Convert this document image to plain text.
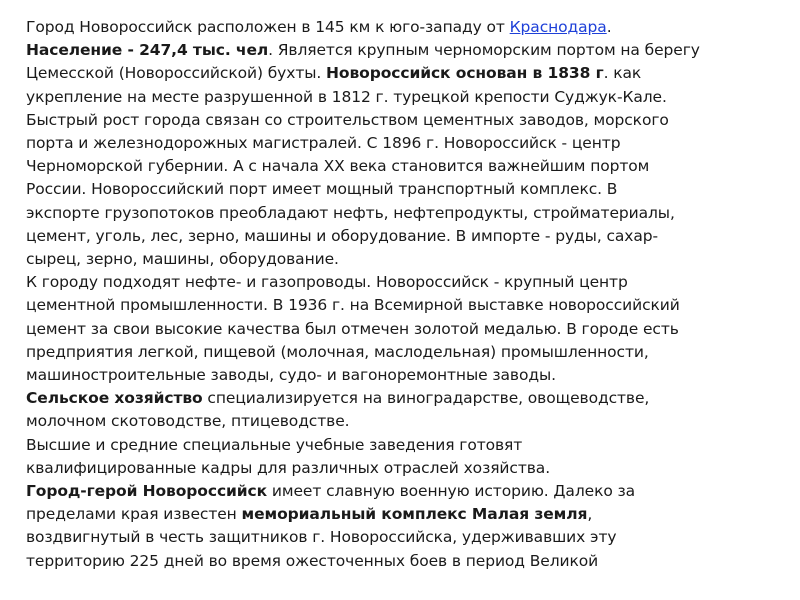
Город Новороссийск расположен в 145 км к юго-западу от Краснодара.
Население - 247,4 тыс. чел. Является крупным черноморским портом на берегу
Цемесской (Новороссийской) бухты. Новороссийск основан в 1838 г. как
укрепление на месте разрушенной в 1812 г. турецкой крепости Суджук-Кале.
Быстрый рост города связан со строительством цементных заводов, морского
порта и железнодорожных магистралей. С 1896 г. Новороссийск - центр
Черноморской губернии. А с начала XX века становится важнейшим портом
России. Новороссийский порт имеет мощный транспортный комплекс. В
экспорте грузопотоков преобладают нефть, нефтепродукты, стройматериалы,
цемент, уголь, лес, зерно, машины и оборудование. В импорте - руды, сахар-
сырец, зерно, машины, оборудование.
К городу подходят нефте- и газопроводы. Новороссийск - крупный центр
цементной промышленности. В 1936 г. на Всемирной выставке новороссийский
цемент за свои высокие качества был отмечен золотой медалью. В городе есть
предприятия легкой, пищевой (молочная, маслодельная) промышленности,
машиностроительные заводы, судо- и вагоноремонтные заводы.
Сельское хозяйство специализируется на виноградарстве, овощеводстве,
молочном скотоводстве, птицеводстве.
Высшие и средние специальные учебные заведения готовят
квалифицированные кадры для различных отраслей хозяйства.
Город-герой Новороссийск имеет славную военную историю. Далеко за
пределами края известен мемориальный комплекс Малая земля,
воздвигнутый в честь защитников г. Новороссийска, удерживавших эту
территорию 225 дней во время ожесточенных боев в период Великой
